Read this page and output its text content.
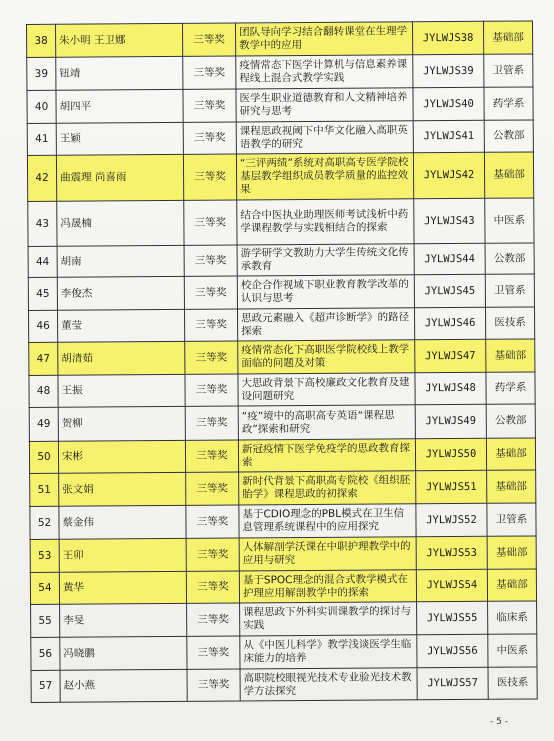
38	朱小明 王卫娜	三等奖	团队导向学习结合翻转课堂在生理学教学中的应用	JYLWJS38	基础部
39	钮靖	三等奖	疫情常态下医学计算机与信息素养课程线上混合式教学实践	JYLWJS39	卫管系
40	胡四平	三等奖	医学生职业道德教育和人文精神培养研究与思考	JYLWJS40	药学系
41	王颖	三等奖	课程思政视阈下中华文化融入高职英语教学的研究	JYLWJS41	公教部
42	曲震理 尚喜雨	三等奖	“三评两绩”系统对高职高专医学院校基层教学组织成员教学质量的监控效果	JYLWJS42	基础部
43	冯晟楠	三等奖	结合中医执业助理医师考试浅析中药学课程教学与实践相结合的探索	JYLWJS43	中医系
44	胡南	三等奖	游学研学文教助力大学生传统文化传承教育	JYLWJS44	公教部
45	李俊杰	三等奖	校企合作视域下职业教育教学改革的认识与思考	JYLWJS45	卫管系
46	董莹	三等奖	思政元素融入《超声诊断学》的路径探索	JYLWJS46	医技系
47	胡清茹	三等奖	疫情常态化下高职医学院校线上教学面临的问题及对策	JYLWJS47	基础部
48	王振	三等奖	大思政背景下高校廉政文化教育及建设问题研究	JYLWJS48	药学系
49	贺柳	三等奖	“疫”境中的高职高专英语“课程思政”探索和研究	JYLWJS49	公教部
50	宋彬	三等奖	新冠疫情下医学免疫学的思政教育探索	JYLWJS50	基础部
51	张文娟	三等奖	新时代背景下高职高专院校《组织胚胎学》课程思政的初探索	JYLWJS51	基础部
52	蔡金伟	三等奖	基于CDIO理念的PBL模式在卫生信息管理系统课程中的应用探究	JYLWJS52	卫管系
53	王卯	三等奖	人体解剖学沃课在中职护理教学中的应用与研究	JYLWJS53	基础部
54	黄华	三等奖	基于SPOC理念的混合式教学模式在护理应用解剖教学中的探索	JYLWJS54	基础部
55	李旻	三等奖	课程思政下外科实训课教学的探讨与实践	JYLWJS55	临床系
56	冯晓鹏	三等奖	从《中医儿科学》教学浅谈医学生临床能力的培养	JYLWJS56	中医系
57	赵小燕	三等奖	高职院校眼视光技术专业验光技术教学方法探究	JYLWJS57	医技系
- 5 -
